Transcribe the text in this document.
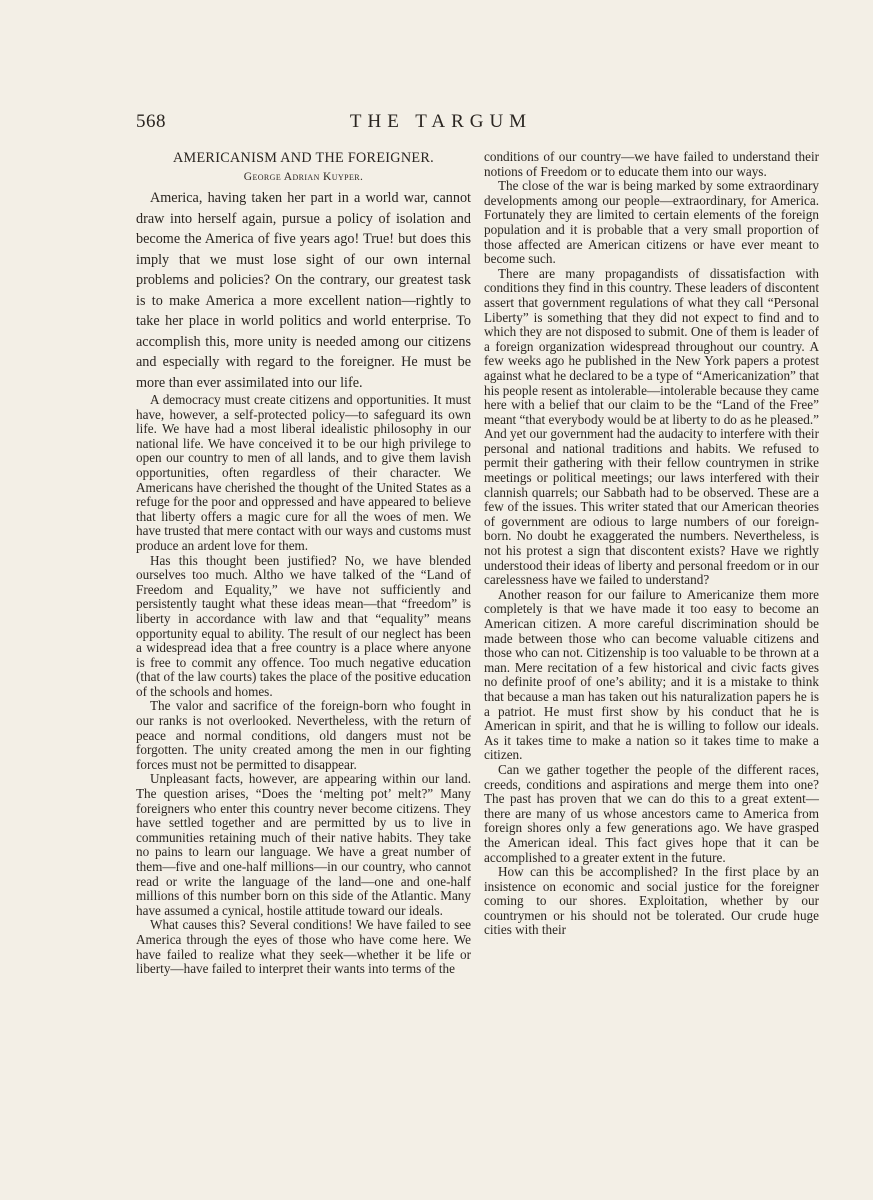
568	THE TARGUM
AMERICANISM AND THE FOREIGNER.
George Adrian Kuyper.

America, having taken her part in a world war, cannot draw into herself again, pursue a policy of isolation and become the America of five years ago! True! but does this imply that we must lose sight of our own internal problems and policies? On the contrary, our greatest task is to make America a more excellent nation—rightly to take her place in world politics and world enterprise. To accomplish this, more unity is needed among our citizens and especially with regard to the foreigner. He must be more than ever assimilated into our life.

A democracy must create citizens and opportunities. It must have, however, a self-protected policy—to safeguard its own life. We have had a most liberal idealistic philosophy in our national life. We have conceived it to be our high privilege to open our country to men of all lands, and to give them lavish opportunities, often regardless of their character. We Americans have cherished the thought of the United States as a refuge for the poor and oppressed and have appeared to believe that liberty offers a magic cure for all the woes of men. We have trusted that mere contact with our ways and customs must produce an ardent love for them.

Has this thought been justified? No, we have blended ourselves too much. Altho we have talked of the “Land of Freedom and Equality,” we have not sufficiently and persistently taught what these ideas mean—that “freedom” is liberty in accordance with law and that “equality” means opportunity equal to ability. The result of our neglect has been a widespread idea that a free country is a place where anyone is free to commit any offence. Too much negative education (that of the law courts) takes the place of the positive education of the schools and homes.

The valor and sacrifice of the foreign-born who fought in our ranks is not overlooked. Nevertheless, with the return of peace and normal conditions, old dangers must not be forgotten. The unity created among the men in our fighting forces must not be permitted to disappear.

Unpleasant facts, however, are appearing within our land. The question arises, “Does the ‘melting pot’ melt?” Many foreigners who enter this country never become citizens. They have settled together and are permitted by us to live in communities retaining much of their native habits. They take no pains to learn our language. We have a great number of them—five and one-half millions—in our country, who cannot read or write the language of the land—one and one-half millions of this number born on this side of the Atlantic. Many have assumed a cynical, hostile attitude toward our ideals.

What causes this? Several conditions! We have failed to see America through the eyes of those who have come here. We have failed to realize what they seek—whether it be life or liberty—have failed to interpret their wants into terms of the

conditions of our country—we have failed to understand their notions of Freedom or to educate them into our ways.

The close of the war is being marked by some extraordinary developments among our people—extraordinary, for America. Fortunately they are limited to certain elements of the foreign population and it is probable that a very small proportion of those affected are American citizens or have ever meant to become such.

There are many propagandists of dissatisfaction with conditions they find in this country. These leaders of discontent assert that government regulations of what they call “Personal Liberty” is something that they did not expect to find and to which they are not disposed to submit. One of them is leader of a foreign organization widespread throughout our country. A few weeks ago he published in the New York papers a protest against what he declared to be a type of “Americanization” that his people resent as intolerable—intolerable because they came here with a belief that our claim to be the “Land of the Free” meant “that everybody would be at liberty to do as he pleased.” And yet our government had the audacity to interfere with their personal and national traditions and habits. We refused to permit their gathering with their fellow countrymen in strike meetings or political meetings; our laws interfered with their clannish quarrels; our Sabbath had to be observed. These are a few of the issues. This writer stated that our American theories of government are odious to large numbers of our foreign-born. No doubt he exaggerated the numbers. Nevertheless, is not his protest a sign that discontent exists? Have we rightly understood their ideas of liberty and personal freedom or in our carelessness have we failed to understand?

Another reason for our failure to Americanize them more completely is that we have made it too easy to become an American citizen. A more careful discrimination should be made between those who can become valuable citizens and those who can not. Citizenship is too valuable to be thrown at a man. Mere recitation of a few historical and civic facts gives no definite proof of one’s ability; and it is a mistake to think that because a man has taken out his naturalization papers he is a patriot. He must first show by his conduct that he is American in spirit, and that he is willing to follow our ideals. As it takes time to make a nation so it takes time to make a citizen.

Can we gather together the people of the different races, creeds, conditions and aspirations and merge them into one? The past has proven that we can do this to a great extent—there are many of us whose ancestors came to America from foreign shores only a few generations ago. We have grasped the American ideal. This fact gives hope that it can be accomplished to a greater extent in the future.

How can this be accomplished? In the first place by an insistence on economic and social justice for the foreigner coming to our shores. Exploitation, whether by our countrymen or his should not be tolerated. Our crude huge cities with their
